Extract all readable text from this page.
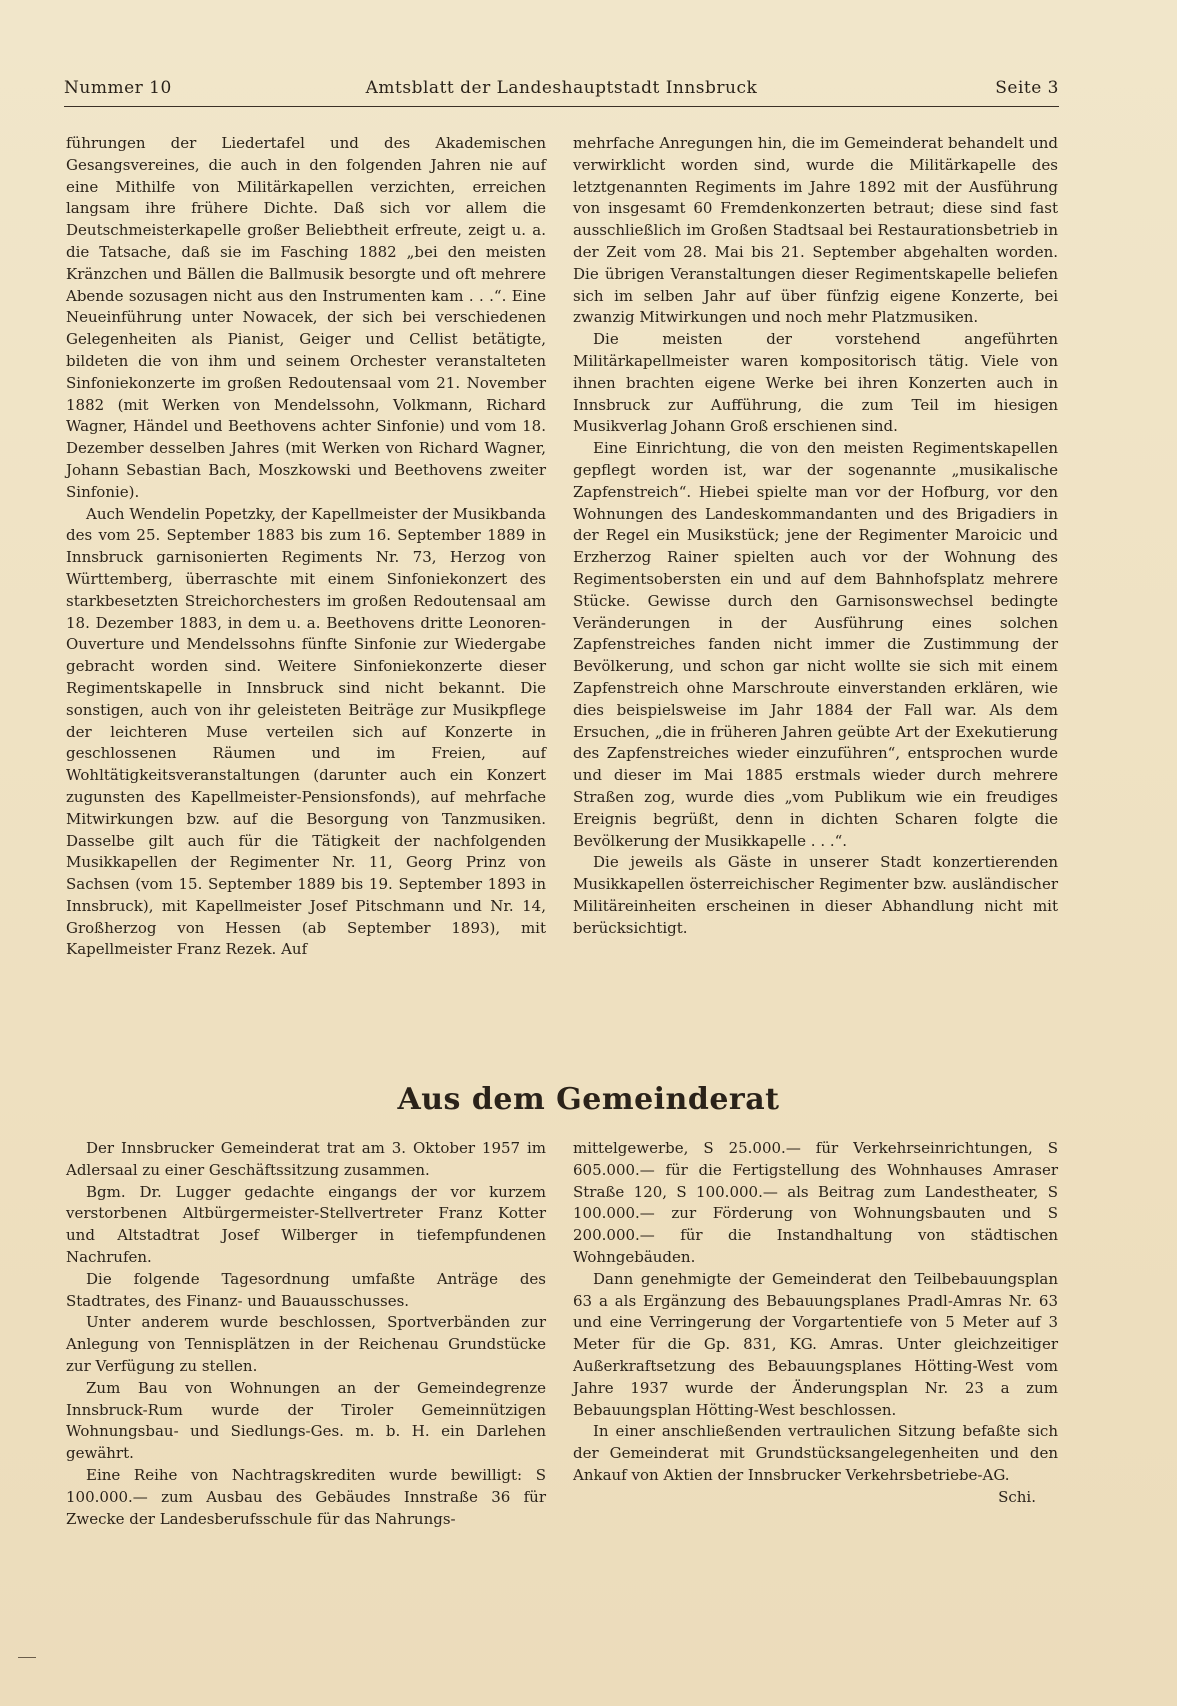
Nummer 10	Amtsblatt der Landeshauptstadt Innsbruck	Seite 3

führungen der Liedertafel und des Akademischen Gesangsvereines, die auch in den folgenden Jahren nie auf eine Mithilfe von Militärkapellen verzichten, erreichen langsam ihre frühere Dichte. Daß sich vor allem die Deutschmeisterkapelle großer Beliebtheit erfreute, zeigt u. a. die Tatsache, daß sie im Fasching 1882 „bei den meisten Kränzchen und Bällen die Ballmusik besorgte und oft mehrere Abende sozusagen nicht aus den Instrumenten kam . . .“. Eine Neueinführung unter Nowacek, der sich bei verschiedenen Gelegenheiten als Pianist, Geiger und Cellist betätigte, bildeten die von ihm und seinem Orchester veranstalteten Sinfoniekonzerte im großen Redoutensaal vom 21. November 1882 (mit Werken von Mendelssohn, Volkmann, Richard Wagner, Händel und Beethovens achter Sinfonie) und vom 18. Dezember desselben Jahres (mit Werken von Richard Wagner, Johann Sebastian Bach, Moszkowski und Beethovens zweiter Sinfonie).

Auch Wendelin Popetzky, der Kapellmeister der Musikbanda des vom 25. September 1883 bis zum 16. September 1889 in Innsbruck garnisonierten Regiments Nr. 73, Herzog von Württemberg, überraschte mit einem Sinfoniekonzert des starkbesetzten Streichorchesters im großen Redoutensaal am 18. Dezember 1883, in dem u. a. Beethovens dritte Leonoren-Ouverture und Mendelssohns fünfte Sinfonie zur Wiedergabe gebracht worden sind. Weitere Sinfoniekonzerte dieser Regimentskapelle in Innsbruck sind nicht bekannt. Die sonstigen, auch von ihr geleisteten Beiträge zur Musikpflege der leichteren Muse verteilen sich auf Konzerte in geschlossenen Räumen und im Freien, auf Wohltätigkeitsveranstaltungen (darunter auch ein Konzert zugunsten des Kapellmeister-Pensionsfonds), auf mehrfache Mitwirkungen bzw. auf die Besorgung von Tanzmusiken. Dasselbe gilt auch für die Tätigkeit der nachfolgenden Musikkapellen der Regimenter Nr. 11, Georg Prinz von Sachsen (vom 15. September 1889 bis 19. September 1893 in Innsbruck), mit Kapellmeister Josef Pitschmann und Nr. 14, Großherzog von Hessen (ab September 1893), mit Kapellmeister Franz Rezek. Auf

mehrfache Anregungen hin, die im Gemeinderat behandelt und verwirklicht worden sind, wurde die Militärkapelle des letztgenannten Regiments im Jahre 1892 mit der Ausführung von insgesamt 60 Fremdenkonzerten betraut; diese sind fast ausschließlich im Großen Stadtsaal bei Restaurationsbetrieb in der Zeit vom 28. Mai bis 21. September abgehalten worden. Die übrigen Veranstaltungen dieser Regimentskapelle beliefen sich im selben Jahr auf über fünfzig eigene Konzerte, bei zwanzig Mitwirkungen und noch mehr Platzmusiken.

Die meisten der vorstehend angeführten Militärkapellmeister waren kompositorisch tätig. Viele von ihnen brachten eigene Werke bei ihren Konzerten auch in Innsbruck zur Aufführung, die zum Teil im hiesigen Musikverlag Johann Groß erschienen sind.

Eine Einrichtung, die von den meisten Regimentskapellen gepflegt worden ist, war der sogenannte „musikalische Zapfenstreich“. Hiebei spielte man vor der Hofburg, vor den Wohnungen des Landeskommandanten und des Brigadiers in der Regel ein Musikstück; jene der Regimenter Maroicic und Erzherzog Rainer spielten auch vor der Wohnung des Regimentsobersten ein und auf dem Bahnhofsplatz mehrere Stücke. Gewisse durch den Garnisonswechsel bedingte Veränderungen in der Ausführung eines solchen Zapfenstreiches fanden nicht immer die Zustimmung der Bevölkerung, und schon gar nicht wollte sie sich mit einem Zapfenstreich ohne Marschroute einverstanden erklären, wie dies beispielsweise im Jahr 1884 der Fall war. Als dem Ersuchen, „die in früheren Jahren geübte Art der Exekutierung des Zapfenstreiches wieder einzuführen“, entsprochen wurde und dieser im Mai 1885 erstmals wieder durch mehrere Straßen zog, wurde dies „vom Publikum wie ein freudiges Ereignis begrüßt, denn in dichten Scharen folgte die Bevölkerung der Musikkapelle . . .“.

Die jeweils als Gäste in unserer Stadt konzertierenden Musikkapellen österreichischer Regimenter bzw. ausländischer Militäreinheiten erscheinen in dieser Abhandlung nicht mit berücksichtigt.

Aus dem Gemeinderat

Der Innsbrucker Gemeinderat trat am 3. Oktober 1957 im Adlersaal zu einer Geschäftssitzung zusammen.

Bgm. Dr. Lugger gedachte eingangs der vor kurzem verstorbenen Altbürgermeister-Stellvertreter Franz Kotter und Altstadtrat Josef Wilberger in tiefempfundenen Nachrufen.

Die folgende Tagesordnung umfaßte Anträge des Stadtrates, des Finanz- und Bauausschusses.

Unter anderem wurde beschlossen, Sportverbänden zur Anlegung von Tennisplätzen in der Reichenau Grundstücke zur Verfügung zu stellen.

Zum Bau von Wohnungen an der Gemeindegrenze Innsbruck-Rum wurde der Tiroler Gemeinnützigen Wohnungsbau- und Siedlungs-Ges. m. b. H. ein Darlehen gewährt.

Eine Reihe von Nachtragskrediten wurde bewilligt: S 100.000.— zum Ausbau des Gebäudes Innstraße 36 für Zwecke der Landesberufsschule für das Nahrungs-

mittelgewerbe, S 25.000.— für Verkehrseinrichtungen, S 605.000.— für die Fertigstellung des Wohnhauses Amraser Straße 120, S 100.000.— als Beitrag zum Landestheater, S 100.000.— zur Förderung von Wohnungsbauten und S 200.000.— für die Instandhaltung von städtischen Wohngebäuden.

Dann genehmigte der Gemeinderat den Teilbebauungsplan 63 a als Ergänzung des Bebauungsplanes Pradl-Amras Nr. 63 und eine Verringerung der Vorgartentiefe von 5 Meter auf 3 Meter für die Gp. 831, KG. Amras. Unter gleichzeitiger Außerkraftsetzung des Bebauungsplanes Hötting-West vom Jahre 1937 wurde der Änderungsplan Nr. 23 a zum Bebauungsplan Hötting-West beschlossen.

In einer anschließenden vertraulichen Sitzung befaßte sich der Gemeinderat mit Grundstücksangelegenheiten und den Ankauf von Aktien der Innsbrucker Verkehrsbetriebe-AG.
Schi.
